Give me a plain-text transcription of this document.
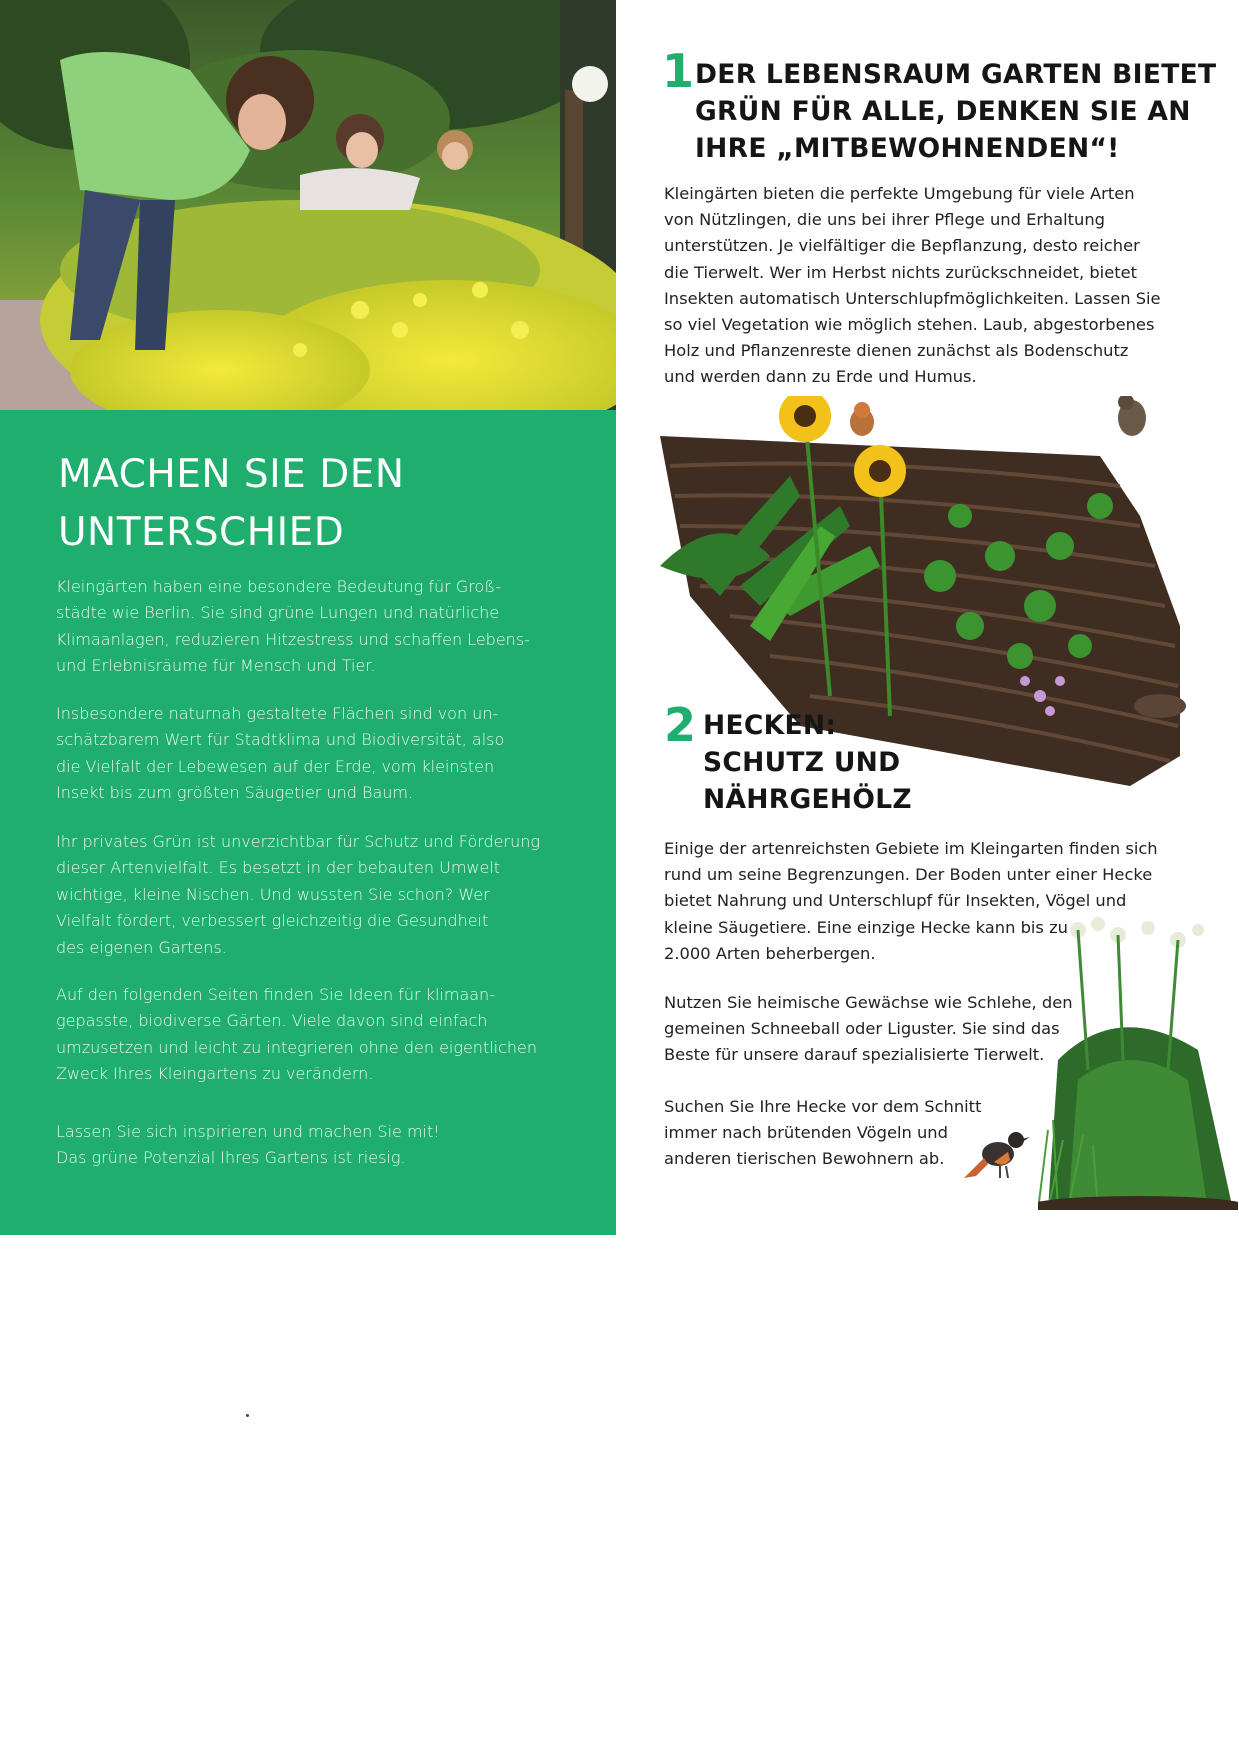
MACHEN SIE DEN
UNTERSCHIED

Kleingärten haben eine besondere Bedeutung für Groß-
städte wie Berlin. Sie sind grüne Lungen und natürliche
Klimaanlagen, reduzieren Hitzestress und schaffen Lebens-
und Erlebnisräume für Mensch und Tier.

Insbesondere naturnah gestaltete Flächen sind von un-
schätzbarem Wert für Stadtklima und Biodiversität, also
die Vielfalt der Lebewesen auf der Erde, vom kleinsten
Insekt bis zum größten Säugetier und Baum.

Ihr privates Grün ist unverzichtbar für Schutz und Förderung
dieser Artenvielfalt. Es besetzt in der bebauten Umwelt
wichtige, kleine Nischen. Und wussten Sie schon? Wer
Vielfalt fördert, verbessert gleichzeitig die Gesundheit
des eigenen Gartens.

Auf den folgenden Seiten finden Sie Ideen für klimaan-
gepasste, biodiverse Gärten. Viele davon sind einfach
umzusetzen und leicht zu integrieren ohne den eigentlichen
Zweck Ihres Kleingartens zu verändern.

Lassen Sie sich inspirieren und machen Sie mit!
Das grüne Potenzial Ihres Gartens ist riesig.

1 DER LEBENSRAUM GARTEN BIETET
GRÜN FÜR ALLE, DENKEN SIE AN
IHRE „MITBEWOHNENDEN“!

Kleingärten bieten die perfekte Umgebung für viele Arten
von Nützlingen, die uns bei ihrer Pflege und Erhaltung
unterstützen. Je vielfältiger die Bepflanzung, desto reicher
die Tierwelt. Wer im Herbst nichts zurückschneidet, bietet
Insekten automatisch Unterschlupfmöglichkeiten. Lassen Sie
so viel Vegetation wie möglich stehen. Laub, abgestorbenes
Holz und Pflanzenreste dienen zunächst als Bodenschutz
und werden dann zu Erde und Humus.

2 HECKEN:
SCHUTZ UND
NÄHRGEHÖLZ

Einige der artenreichsten Gebiete im Kleingarten finden sich
rund um seine Begrenzungen. Der Boden unter einer Hecke
bietet Nahrung und Unterschlupf für Insekten, Vögel und
kleine Säugetiere. Eine einzige Hecke kann bis zu
2.000 Arten beherbergen.

Nutzen Sie heimische Gewächse wie Schlehe, den
gemeinen Schneeball oder Liguster. Sie sind das
Beste für unsere darauf spezialisierte Tierwelt.

Suchen Sie Ihre Hecke vor dem Schnitt
immer nach brütenden Vögeln und
anderen tierischen Bewohnern ab.
